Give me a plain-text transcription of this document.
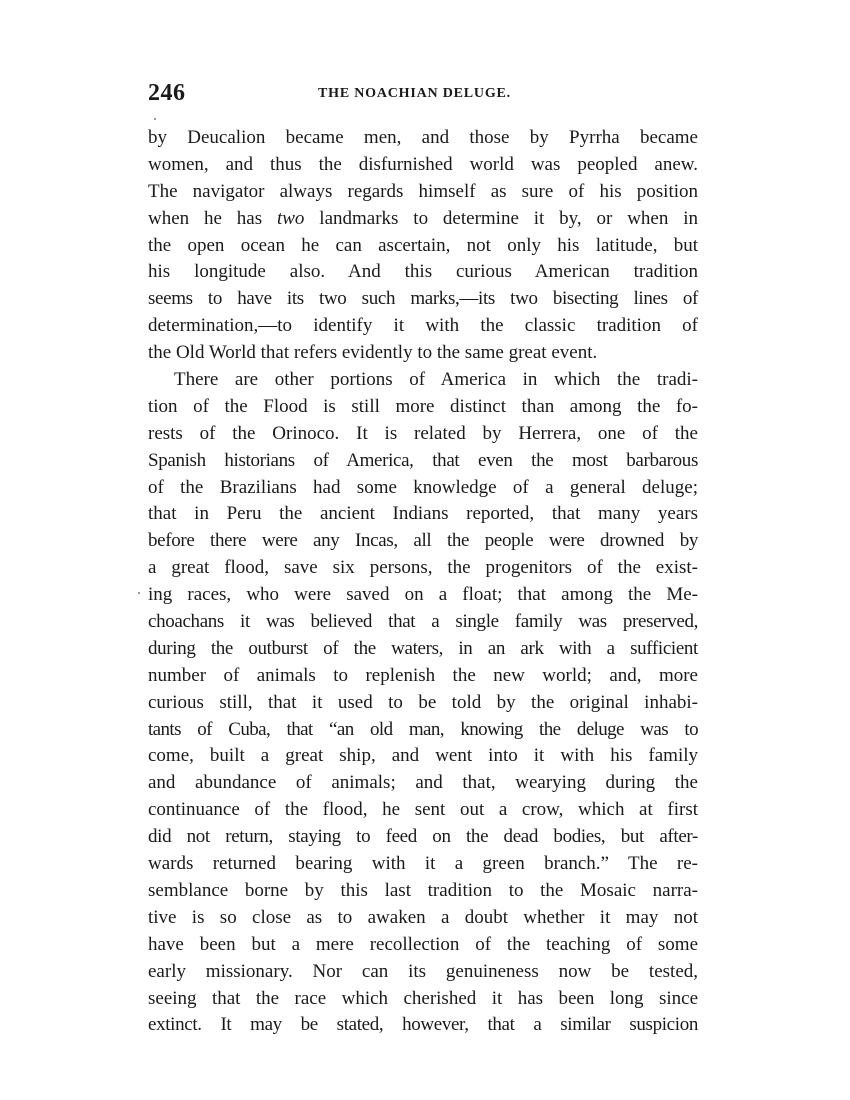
246	THE NOACHIAN DELUGE.
by Deucalion became men, and those by Pyrrha became
women, and thus the disfurnished world was peopled anew.
The navigator always regards himself as sure of his position
when he has two landmarks to determine it by, or when in
the open ocean he can ascertain, not only his latitude, but
his longitude also. And this curious American tradition
seems to have its two such marks,—its two bisecting lines of
determination,—to identify it with the classic tradition of
the Old World that refers evidently to the same great event.
There are other portions of America in which the tradi-
tion of the Flood is still more distinct than among the fo-
rests of the Orinoco. It is related by Herrera, one of the
Spanish historians of America, that even the most barbarous
of the Brazilians had some knowledge of a general deluge;
that in Peru the ancient Indians reported, that many years
before there were any Incas, all the people were drowned by
a great flood, save six persons, the progenitors of the exist-
ing races, who were saved on a float; that among the Me-
choachans it was believed that a single family was preserved,
during the outburst of the waters, in an ark with a sufficient
number of animals to replenish the new world; and, more
curious still, that it used to be told by the original inhabi-
tants of Cuba, that “an old man, knowing the deluge was to
come, built a great ship, and went into it with his family
and abundance of animals; and that, wearying during the
continuance of the flood, he sent out a crow, which at first
did not return, staying to feed on the dead bodies, but after-
wards returned bearing with it a green branch.” The re-
semblance borne by this last tradition to the Mosaic narra-
tive is so close as to awaken a doubt whether it may not
have been but a mere recollection of the teaching of some
early missionary. Nor can its genuineness now be tested,
seeing that the race which cherished it has been long since
extinct. It may be stated, however, that a similar suspicion
